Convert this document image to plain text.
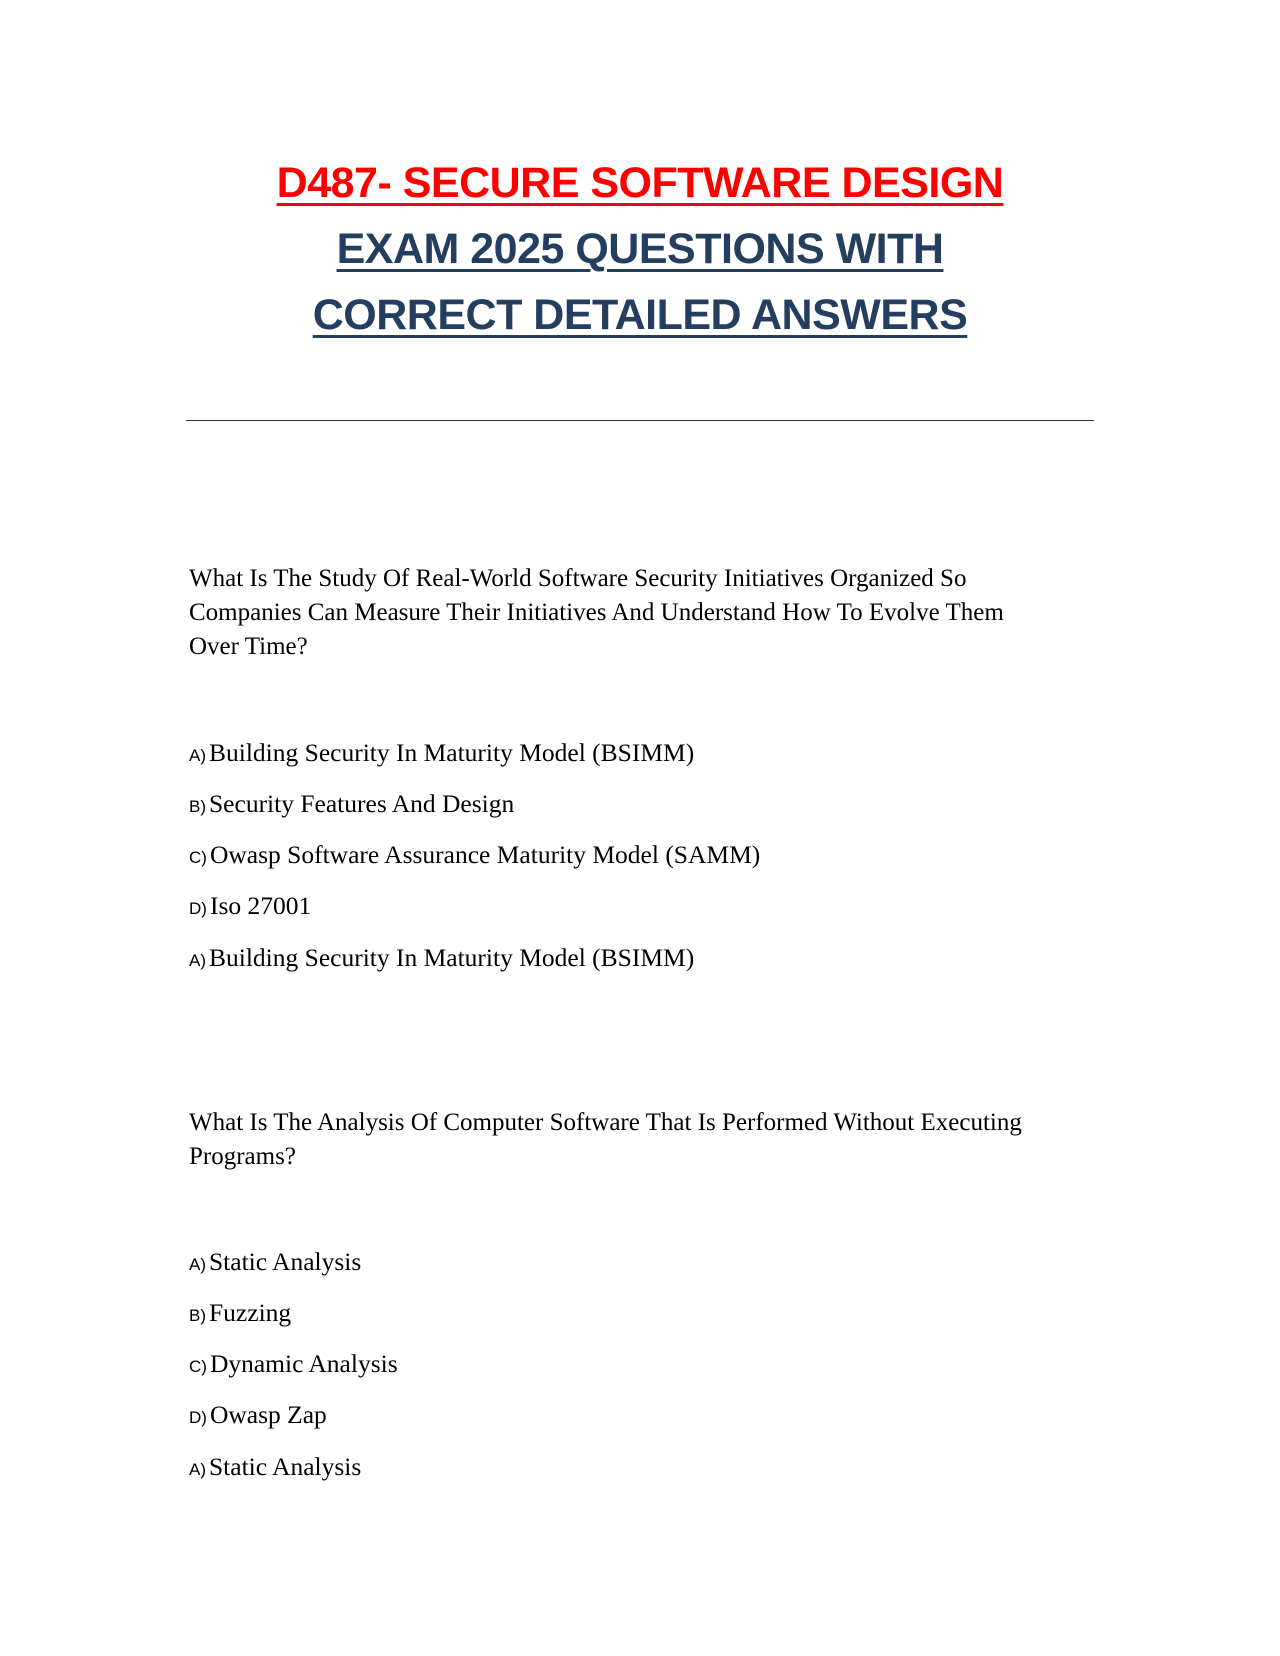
D487- SECURE SOFTWARE DESIGN
EXAM 2025 QUESTIONS WITH
CORRECT DETAILED ANSWERS
What Is The Study Of Real-World Software Security Initiatives Organized So Companies Can Measure Their Initiatives And Understand How To Evolve Them Over Time?
A) Building Security In Maturity Model (BSIMM)
B) Security Features And Design
C) Owasp Software Assurance Maturity Model (SAMM)
D) Iso 27001
A) Building Security In Maturity Model (BSIMM)
What Is The Analysis Of Computer Software That Is Performed Without Executing Programs?
A) Static Analysis
B) Fuzzing
C) Dynamic Analysis
D) Owasp Zap
A) Static Analysis
